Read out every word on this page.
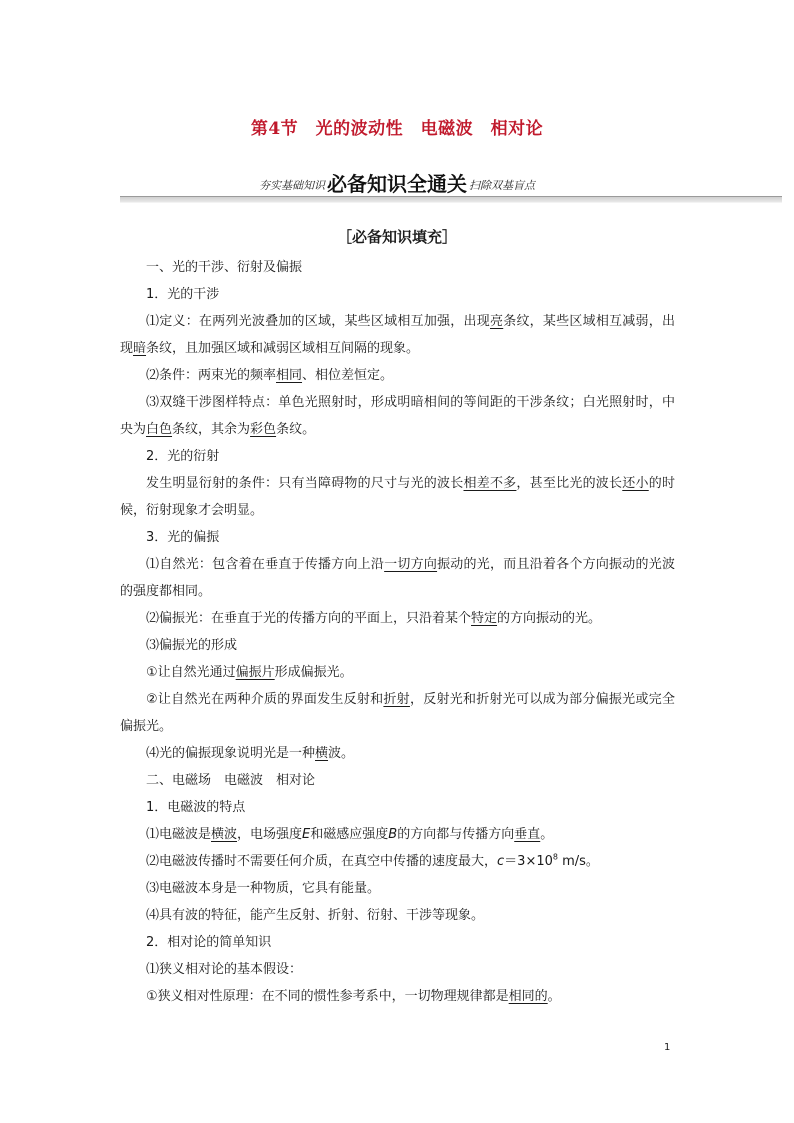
第4节　光的波动性　电磁波　相对论
夯实基础知识 必备知识全通关 扫除双基盲点
［必备知识填充］

一、光的干涉、衍射及偏振

1．光的干涉

⑴定义：在两列光波叠加的区域，某些区域相互加强，出现亮条纹，某些区域相互减弱，出现暗条纹，且加强区域和减弱区域相互间隔的现象。

⑵条件：两束光的频率相同、相位差恒定。

⑶双缝干涉图样特点：单色光照射时，形成明暗相间的等间距的干涉条纹；白光照射时，中央为白色条纹，其余为彩色条纹。

2．光的衍射

发生明显衍射的条件：只有当障碍物的尺寸与光的波长相差不多，甚至比光的波长还小的时候，衍射现象才会明显。

3．光的偏振

⑴自然光：包含着在垂直于传播方向上沿一切方向振动的光，而且沿着各个方向振动的光波的强度都相同。

⑵偏振光：在垂直于光的传播方向的平面上，只沿着某个特定的方向振动的光。

⑶偏振光的形成

①让自然光通过偏振片形成偏振光。

②让自然光在两种介质的界面发生反射和折射，反射光和折射光可以成为部分偏振光或完全偏振光。

⑷光的偏振现象说明光是一种横波。

二、电磁场　电磁波　相对论

1．电磁波的特点

⑴电磁波是横波，电场强度E和磁感应强度B的方向都与传播方向垂直。

⑵电磁波传播时不需要任何介质，在真空中传播的速度最大，$c=3\times 10^8$ m/s。

⑶电磁波本身是一种物质，它具有能量。

⑷具有波的特征，能产生反射、折射、衍射、干涉等现象。

2．相对论的简单知识

⑴狭义相对论的基本假设：

①狭义相对性原理：在不同的惯性参考系中，一切物理规律都是相同的。

1
